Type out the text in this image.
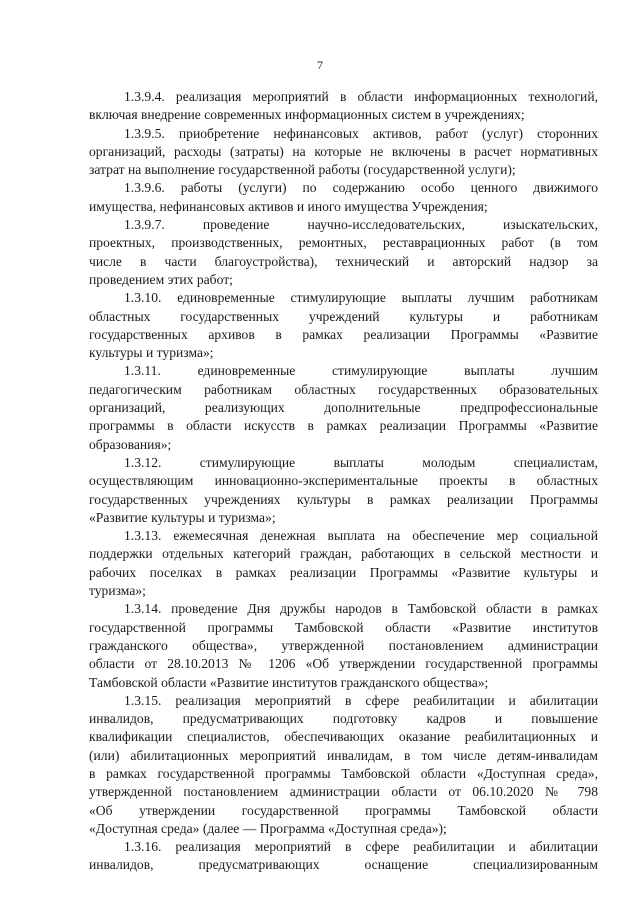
7

1.3.9.4. реализация мероприятий в области информационных технологий,
включая внедрение современных информационных систем в учреждениях;

1.3.9.5. приобретение нефинансовых активов, работ (услуг) сторонних
организаций, расходы (затраты) на которые не включены в расчет нормативных
затрат на выполнение государственной работы (государственной услуги);

1.3.9.6. работы (услуги) по содержанию особо ценного движимого
имущества, нефинансовых активов и иного имущества Учреждения;

1.3.9.7. проведение научно-исследовательских, изыскательских,
проектных, производственных, ремонтных, реставрационных работ (в том
числе в части благоустройства), технический и авторский надзор за
проведением этих работ;

1.3.10. единовременные стимулирующие выплаты лучшим работникам
областных государственных учреждений культуры и работникам
государственных архивов в рамках реализации Программы «Развитие
культуры и туризма»;

1.3.11. единовременные стимулирующие выплаты лучшим
педагогическим работникам областных государственных образовательных
организаций, реализующих дополнительные предпрофессиональные
программы в области искусств в рамках реализации Программы «Развитие
образования»;

1.3.12. стимулирующие выплаты молодым специалистам,
осуществляющим инновационно-экспериментальные проекты в областных
государственных учреждениях культуры в рамках реализации Программы
«Развитие культуры и туризма»;

1.3.13. ежемесячная денежная выплата на обеспечение мер социальной
поддержки отдельных категорий граждан, работающих в сельской местности и
рабочих поселках в рамках реализации Программы «Развитие культуры и
туризма»;

1.3.14. проведение Дня дружбы народов в Тамбовской области в рамках
государственной программы Тамбовской области «Развитие институтов
гражданского общества», утвержденной постановлением администрации
области от 28.10.2013 № 1206 «Об утверждении государственной программы
Тамбовской области «Развитие институтов гражданского общества»;

1.3.15. реализация мероприятий в сфере реабилитации и абилитации
инвалидов, предусматривающих подготовку кадров и повышение
квалификации специалистов, обеспечивающих оказание реабилитационных и
(или) абилитационных мероприятий инвалидам, в том числе детям-инвалидам
в рамках государственной программы Тамбовской области «Доступная среда»,
утвержденной постановлением администрации области от 06.10.2020 № 798
«Об утверждении государственной программы Тамбовской области
«Доступная среда» (далее — Программа «Доступная среда»);

1.3.16. реализация мероприятий в сфере реабилитации и абилитации
инвалидов, предусматривающих оснащение специализированным
